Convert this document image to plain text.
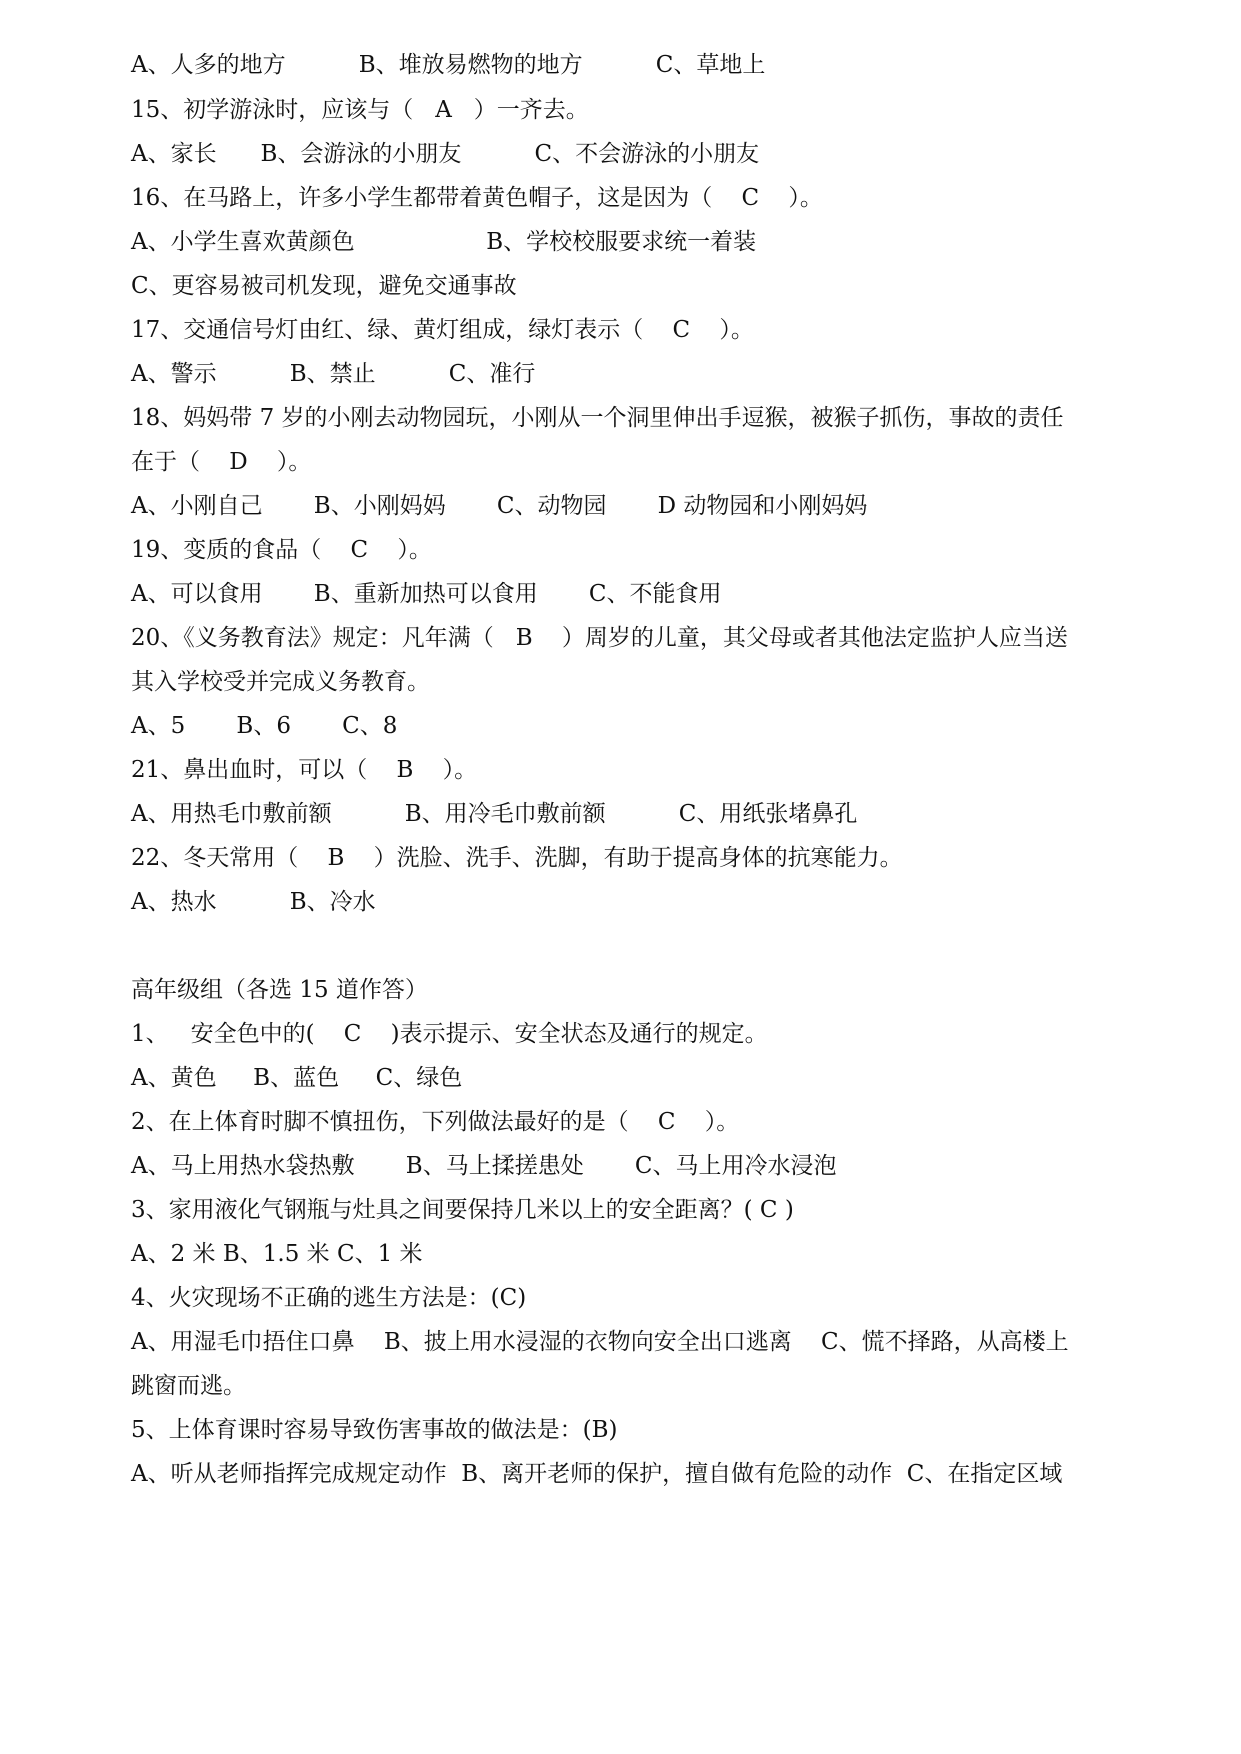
A、人多的地方          B、堆放易燃物的地方          C、草地上
15、初学游泳时，应该与（   A   ）一齐去。
A、家长      B、会游泳的小朋友          C、不会游泳的小朋友
16、在马路上，许多小学生都带着黄色帽子，这是因为（    C    ）。
A、小学生喜欢黄颜色                  B、学校校服要求统一着装
C、更容易被司机发现，避免交通事故
17、交通信号灯由红、绿、黄灯组成，绿灯表示（    C    ）。
A、警示          B、禁止          C、准行
18、妈妈带 7 岁的小刚去动物园玩，小刚从一个洞里伸出手逗猴，被猴子抓伤，事故的责任
在于（    D    ）。
A、小刚自己       B、小刚妈妈       C、动物园       D 动物园和小刚妈妈
19、变质的食品（    C    ）。
A、可以食用       B、重新加热可以食用       C、不能食用
20、《义务教育法》规定：凡年满（   B    ）周岁的儿童，其父母或者其他法定监护人应当送
其入学校受并完成义务教育。
A、5       B、6       C、8
21、鼻出血时，可以（    B    ）。
A、用热毛巾敷前额          B、用冷毛巾敷前额          C、用纸张堵鼻孔
22、冬天常用（    B    ）洗脸、洗手、洗脚，有助于提高身体的抗寒能力。
A、热水          B、冷水
高年级组（各选 15 道作答）
1、   安全色中的(    C    )表示提示、安全状态及通行的规定。
A、黄色     B、蓝色     C、绿色
2、在上体育时脚不慎扭伤，下列做法最好的是（    C    ）。
A、马上用热水袋热敷       B、马上揉搓患处       C、马上用冷水浸泡
3、家用液化气钢瓶与灶具之间要保持几米以上的安全距离？( C )
A、2 米 B、1.5 米 C、1 米
4、火灾现场不正确的逃生方法是：(C)
A、用湿毛巾捂住口鼻    B、披上用水浸湿的衣物向安全出口逃离    C、慌不择路，从高楼上
跳窗而逃。
5、上体育课时容易导致伤害事故的做法是：(B)
A、听从老师指挥完成规定动作  B、离开老师的保护，擅自做有危险的动作  C、在指定区域
